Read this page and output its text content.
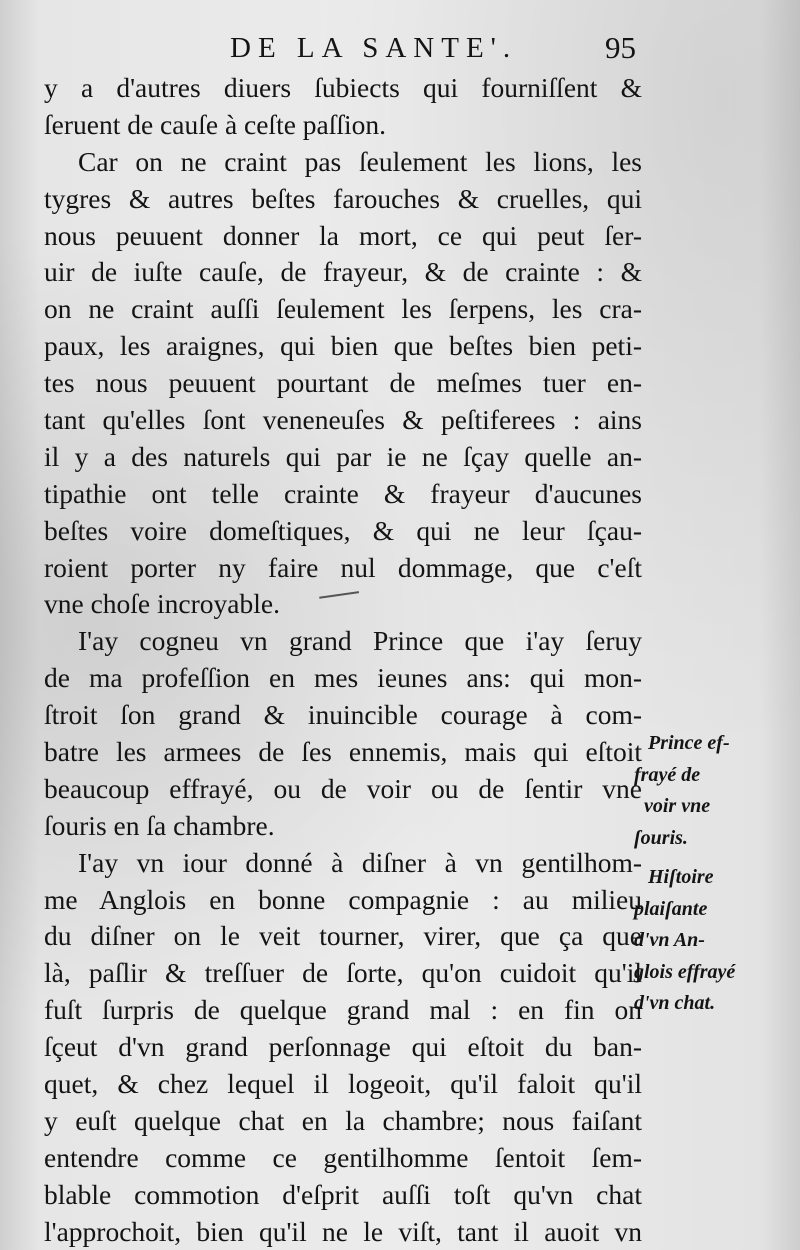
DE LA SANTE'.	95
y a d'autres diuers ſubiects qui fourniſſent &
ſeruent de cauſe à ceſte paſſion.
Car on ne craint pas ſeulement les lions, les
tygres & autres beſtes farouches & cruelles, qui
nous peuuent donner la mort, ce qui peut ſer-
uir de iuſte cauſe, de frayeur, & de crainte : &
on ne craint auſſi ſeulement les ſerpens, les cra-
paux, les araignes, qui bien que beſtes bien peti-
tes nous peuuent pourtant de meſmes tuer en-
tant qu'elles ſont veneneuſes & peſtiferees : ains
il y a des naturels qui par ie ne ſçay quelle an-
tipathie ont telle crainte & frayeur d'aucunes
beſtes voire domeſtiques, & qui ne leur ſçau-
roient porter ny faire nul dommage, que c'eſt
vne choſe incroyable.
I'ay cogneu vn grand Prince que i'ay ſeruy
de ma profeſſion en mes ieunes ans: qui mon-
ſtroit ſon grand & inuincible courage à com-
batre les armees de ſes ennemis, mais qui eſtoit
beaucoup effrayé, ou de voir ou de ſentir vne
ſouris en ſa chambre.
I'ay vn iour donné à diſner à vn gentilhom-
me Anglois en bonne compagnie : au milieu
du diſner on le veit tourner, virer, que ça que
là, paſlir & treſſuer de ſorte, qu'on cuidoit qu'il
fuſt ſurpris de quelque grand mal : en fin on
ſçeut d'vn grand perſonnage qui eſtoit du ban-
quet, & chez lequel il logeoit, qu'il faloit qu'il
y euſt quelque chat en la chambre; nous faiſant
entendre comme ce gentilhomme ſentoit ſem-
blable commotion d'eſprit auſſi toſt qu'vn chat
l'approchoit, bien qu'il ne le viſt, tant il auoit vn
Prince ef-
frayé de
voir vne
ſouris.
Hiſtoire
plaiſante
d'vn An-
glois effrayé
d'vn chat.
